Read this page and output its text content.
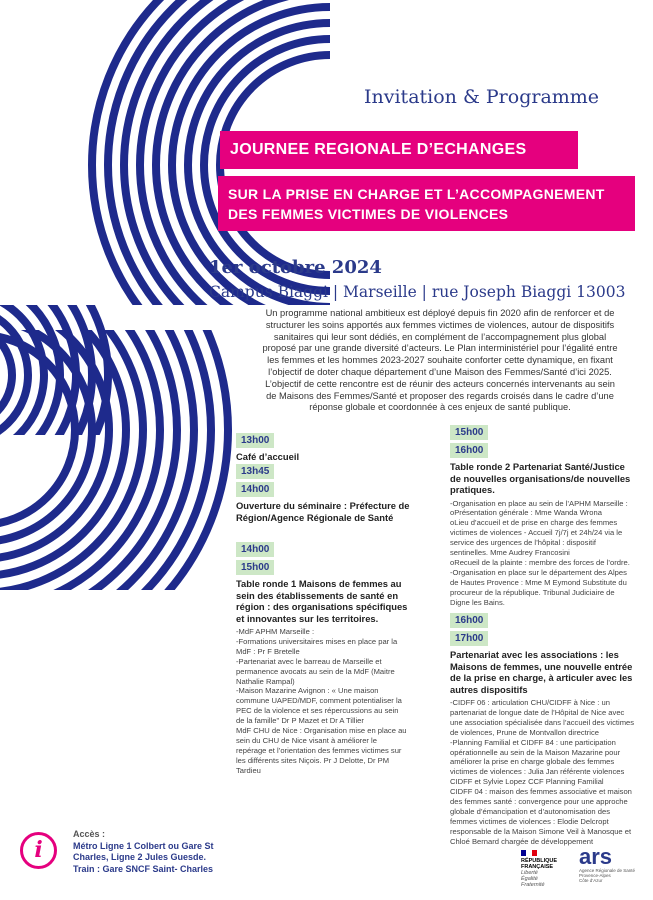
Invitation & Programme
JOURNEE REGIONALE D’ECHANGES
SUR LA PRISE EN CHARGE ET L’ACCOMPAGNEMENT DES FEMMES VICTIMES DE VIOLENCES
1er octobre 2024
Campus Biaggi | Marseille | rue Joseph Biaggi 13003
Un programme national ambitieux est déployé depuis fin 2020 afin de renforcer et de structurer les soins apportés aux femmes victimes de violences, autour de dispositifs sanitaires qui leur sont dédiés, en complément de l’accompagnement plus global proposé par une grande diversité d’acteurs. Le Plan interministériel pour l’égalité entre les femmes et les hommes 2023-2027 souhaite conforter cette dynamique, en fixant l’objectif de doter chaque département d’une Maison des Femmes/Santé d’ici 2025. L’objectif de cette rencontre est de réunir des acteurs concernés intervenants au sein de Maisons des Femmes/Santé et proposer des regards croisés dans le cadre d’une réponse globale et coordonnée à ces enjeux de santé publique.
13h00
Café d’accueil
13h45
14h00
Ouverture du séminaire : Préfecture de Région/Agence Régionale de Santé
14h00
15h00
Table ronde 1 Maisons de femmes au sein des établissements de santé en région : des organisations spécifiques et innovantes sur les territoires.
-MdF APHM Marseille :
-Formations universitaires mises en place par la MdF : Pr F Bretelle
-Partenariat avec le barreau de Marseille et permanence avocats au sein de la MdF (Maitre Nathalie Rampal)
-Maison Mazarine Avignon : « Une maison commune UAPED/MDF, comment potentialiser la PEC de la violence et ses répercussions au sein de la famille" Dr P Mazet et Dr A Tillier
MdF CHU de Nice : Organisation mise en place au sein du CHU de Nice visant à améliorer le repérage et l’orientation des femmes victimes sur les différents sites Niçois. Pr J Delotte, Dr PM Tardieu
15h00
16h00
Table ronde 2 Partenariat Santé/Justice de nouvelles organisations/de nouvelles pratiques.
-Organisation en place au sein de l’APHM Marseille :
oPrésentation générale : Mme Wanda Wrona
oLieu d’accueil et de prise en charge des femmes victimes de violences - Accueil 7j/7j et 24h/24 via le service des urgences de l’hôpital : dispositif sentinelles. Mme Audrey Francosini
oRecueil de la plainte : membre des forces de l’ordre.
-Organisation en place sur le département des Alpes de Hautes Provence : Mme M Eymond Substitute du procureur de la république. Tribunal Judiciaire de Digne les Bains.
16h00
17h00
Partenariat avec les associations : les Maisons de femmes, une nouvelle entrée de la prise en charge, à articuler avec les autres dispositifs
-CIDFF 06 : articulation CHU/CIDFF à Nice : un partenariat de longue date de l’Hôpital de Nice avec une association spécialisée dans l’accueil des victimes de violences, Prune de Montvallon directrice
-Planning Familial et CIDFF 84 : une participation opérationnelle au sein de la Maison Mazarine pour améliorer la prise en charge globale des femmes victimes de violences : Julia Jan référente violences CIDFF et Sylvie Lopez CCF Planning Familial
CIDFF 04 : maison des femmes associative et maison des femmes santé : convergence pour une approche globale d’émancipation et d’autonomisation des femmes victimes de violences : Elodie Delcropt responsable de la Maison Simone Veil à Manosque et Chloé Bernard chargée de développement
i
Accès :
Métro Ligne 1 Colbert ou Gare St
Charles, Ligne 2 Jules Guesde.
Train : Gare SNCF Saint- Charles
RÉPUBLIQUE
FRANÇAISE
Liberté
Égalité
Fraternité
ars
Agence Régionale de Santé
Provence-Alpes
Côte d’Azur
